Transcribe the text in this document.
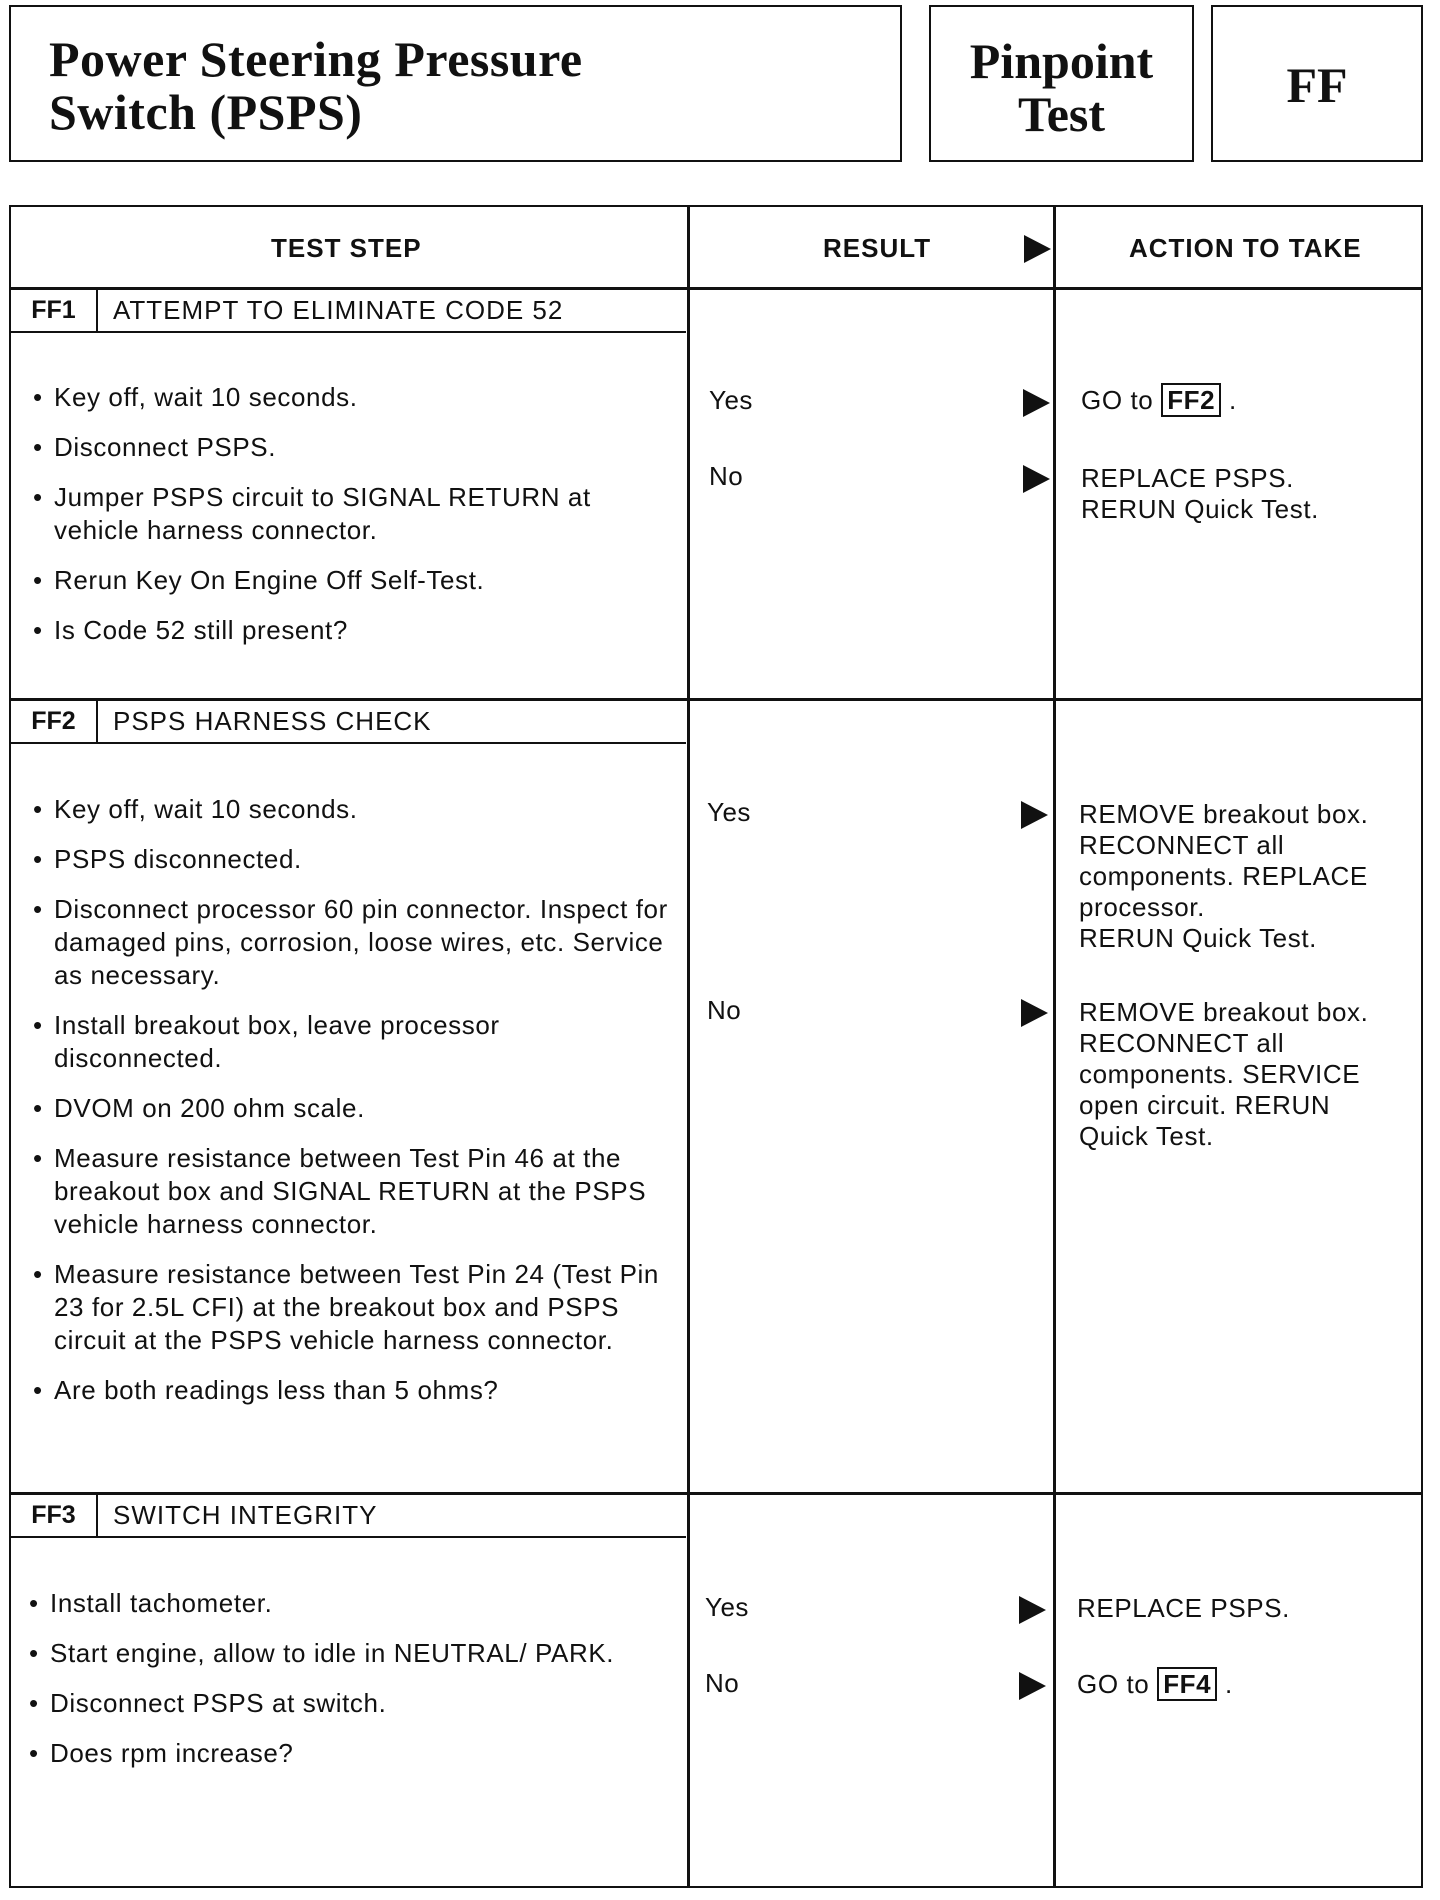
Power Steering Pressure
Switch (PSPS)
Pinpoint
Test
FF
TEST STEP	RESULT	ACTION TO TAKE
FF1	ATTEMPT TO ELIMINATE CODE 52
• Key off, wait 10 seconds.
• Disconnect PSPS.
• Jumper PSPS circuit to SIGNAL RETURN at vehicle harness connector.
• Rerun Key On Engine Off Self-Test.
• Is Code 52 still present?
Yes	GO to FF2 .
No	REPLACE PSPS.
RERUN Quick Test.
FF2	PSPS HARNESS CHECK
• Key off, wait 10 seconds.
• PSPS disconnected.
• Disconnect processor 60 pin connector. Inspect for damaged pins, corrosion, loose wires, etc. Service as necessary.
• Install breakout box, leave processor disconnected.
• DVOM on 200 ohm scale.
• Measure resistance between Test Pin 46 at the breakout box and SIGNAL RETURN at the PSPS vehicle harness connector.
• Measure resistance between Test Pin 24 (Test Pin 23 for 2.5L CFI) at the breakout box and PSPS circuit at the PSPS vehicle harness connector.
• Are both readings less than 5 ohms?
Yes	REMOVE breakout box.
RECONNECT all
components. REPLACE
processor.
RERUN Quick Test.
No	REMOVE breakout box.
RECONNECT all
components. SERVICE
open circuit. RERUN
Quick Test.
FF3	SWITCH INTEGRITY
• Install tachometer.
• Start engine, allow to idle in NEUTRAL/ PARK.
• Disconnect PSPS at switch.
• Does rpm increase?
Yes	REPLACE PSPS.
No	GO to FF4 .
